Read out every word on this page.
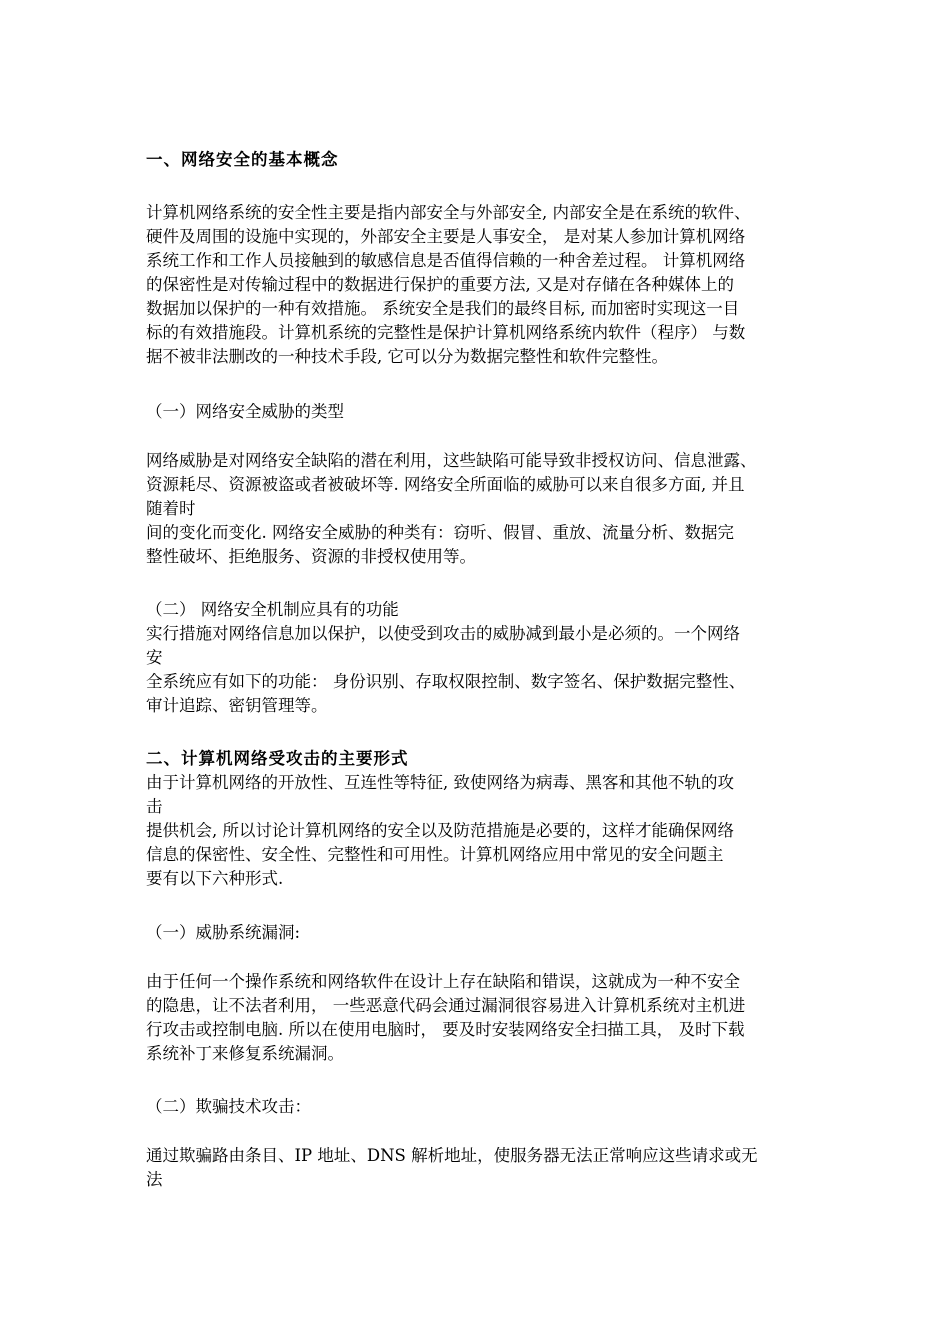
一、网络安全的基本概念
计算机网络系统的安全性主要是指内部安全与外部安全, 内部安全是在系统的软件、
硬件及周围的设施中实现的，外部安全主要是人事安全， 是对某人参加计算机网络
系统工作和工作人员接触到的敏感信息是否值得信赖的一种舍差过程。 计算机网络
的保密性是对传输过程中的数据进行保护的重要方法, 又是对存储在各种媒体上的
数据加以保护的一种有效措施。 系统安全是我们的最终目标, 而加密时实现这一目
标的有效措施段。计算机系统的完整性是保护计算机网络系统内软件（程序） 与数
据不被非法删改的一种技术手段, 它可以分为数据完整性和软件完整性。
（一）网络安全威胁的类型
网络威胁是对网络安全缺陷的潜在利用，这些缺陷可能导致非授权访问、信息泄露、
资源耗尽、资源被盗或者被破坏等. 网络安全所面临的威胁可以来自很多方面, 并且
随着时
间的变化而变化. 网络安全威胁的种类有：窃听、假冒、重放、流量分析、数据完
整性破坏、拒绝服务、资源的非授权使用等。
（二） 网络安全机制应具有的功能
实行措施对网络信息加以保护，以使受到攻击的威胁减到最小是必须的。一个网络
安
全系统应有如下的功能： 身份识别、存取权限控制、数字签名、保护数据完整性、
审计追踪、密钥管理等。
二、计算机网络受攻击的主要形式
由于计算机网络的开放性、互连性等特征, 致使网络为病毒、黑客和其他不轨的攻
击
提供机会, 所以讨论计算机网络的安全以及防范措施是必要的，这样才能确保网络
信息的保密性、安全性、完整性和可用性。计算机网络应用中常见的安全问题主
要有以下六种形式.
（一）威胁系统漏洞:
由于任何一个操作系统和网络软件在设计上存在缺陷和错误，这就成为一种不安全
的隐患，让不法者利用， 一些恶意代码会通过漏洞很容易进入计算机系统对主机进
行攻击或控制电脑. 所以在使用电脑时， 要及时安装网络安全扫描工具， 及时下载
系统补丁来修复系统漏洞。
（二）欺骗技术攻击：
通过欺骗路由条目、IP 地址、DNS 解析地址，使服务器无法正常响应这些请求或无
法
